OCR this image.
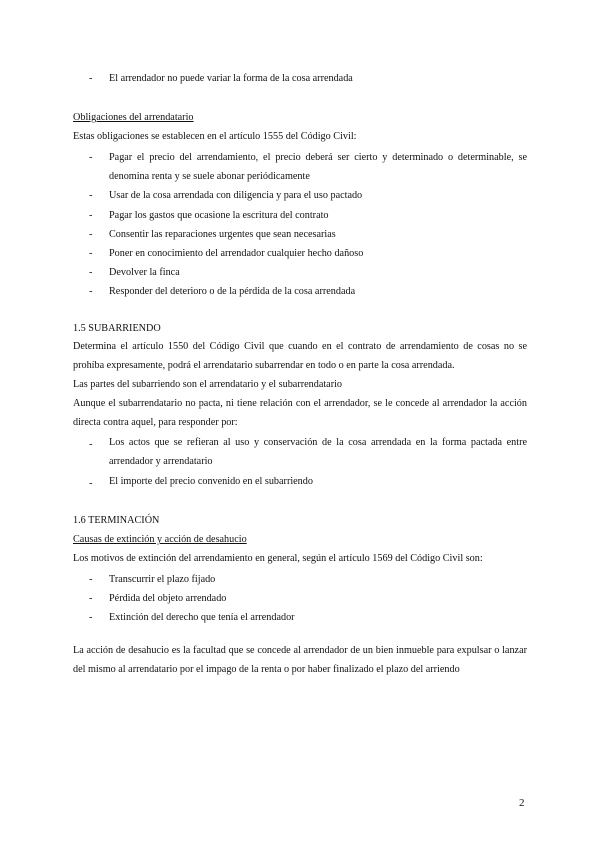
- El arrendador no puede variar la forma de la cosa arrendada
Obligaciones del arrendatario
Estas obligaciones se establecen en el artículo 1555 del Código Civil:
- Pagar el precio del arrendamiento, el precio deberá ser cierto y determinado o determinable, se denomina renta y se suele abonar periódicamente
- Usar de la cosa arrendada con diligencia y para el uso pactado
- Pagar los gastos que ocasione la escritura del contrato
- Consentir las reparaciones urgentes que sean necesarias
- Poner en conocimiento del arrendador cualquier hecho dañoso
- Devolver la finca
- Responder del deterioro o de la pérdida de la cosa arrendada
1.5 SUBARRIENDO
Determina el artículo 1550 del Código Civil que cuando en el contrato de arrendamiento de cosas no se prohíba expresamente, podrá el arrendatario subarrendar en todo o en parte la cosa arrendada.
Las partes del subarriendo son el arrendatario y el subarrendatario
Aunque el subarrendatario no pacta, ni tiene relación con el arrendador, se le concede al arrendador la acción directa contra aquel, para responder por:
- Los actos que se refieran al uso y conservación de la cosa arrendada en la forma pactada entre arrendador y arrendatario
- El importe del precio convenido en el subarriendo
1.6 TERMINACIÓN
Causas de extinción y acción de desahucio
Los motivos de extinción del arrendamiento en general, según el artículo 1569 del Código Civil son:
- Transcurrir el plazo fijado
- Pérdida del objeto arrendado
- Extinción del derecho que tenía el arrendador
La acción de desahucio es la facultad que se concede al arrendador de un bien inmueble para expulsar o lanzar del mismo al arrendatario por el impago de la renta o por haber finalizado el plazo del arriendo
2
